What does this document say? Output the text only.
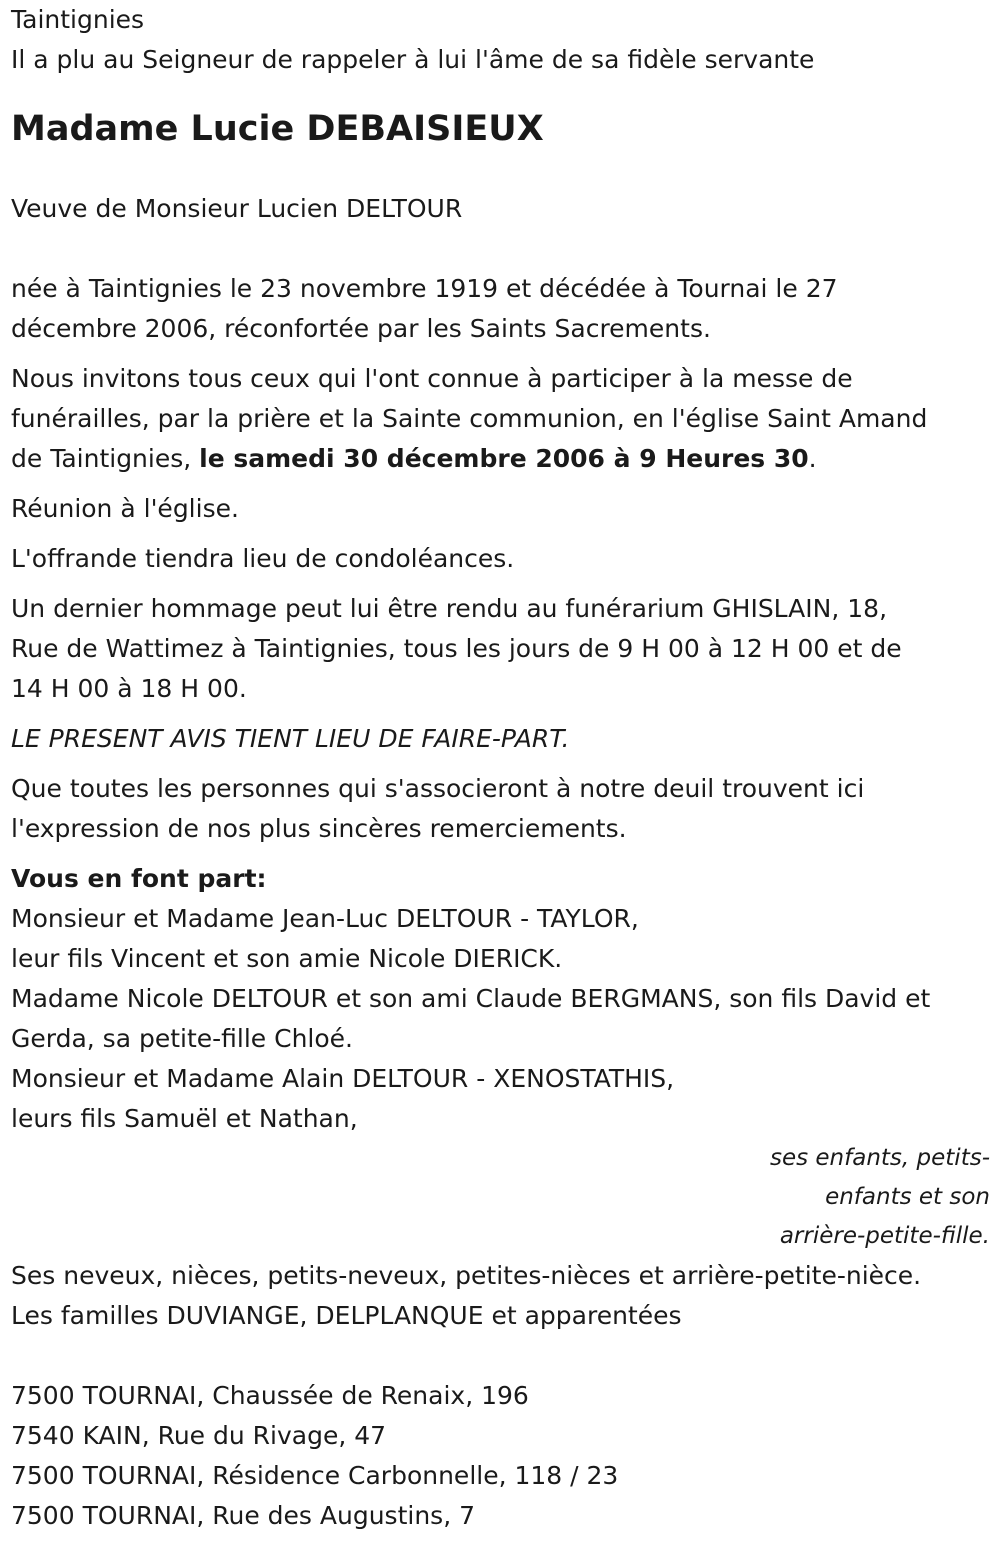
Taintignies
Il a plu au Seigneur de rappeler à lui l'âme de sa fidèle servante
Madame Lucie DEBAISIEUX
Veuve de Monsieur Lucien DELTOUR
née à Taintignies le 23 novembre 1919 et décédée à Tournai le 27
décembre 2006, réconfortée par les Saints Sacrements.
Nous invitons tous ceux qui l'ont connue à participer à la messe de
funérailles, par la prière et la Sainte communion, en l'église Saint Amand
de Taintignies, le samedi 30 décembre 2006 à 9 Heures 30.
Réunion à l'église.
L'offrande tiendra lieu de condoléances.
Un dernier hommage peut lui être rendu au funérarium GHISLAIN, 18,
Rue de Wattimez à Taintignies, tous les jours de 9 H 00 à 12 H 00 et de
14 H 00 à 18 H 00.
LE PRESENT AVIS TIENT LIEU DE FAIRE-PART.
Que toutes les personnes qui s'associeront à notre deuil trouvent ici
l'expression de nos plus sincères remerciements.
Vous en font part:
Monsieur et Madame Jean-Luc DELTOUR - TAYLOR,
leur fils Vincent et son amie Nicole DIERICK.
Madame Nicole DELTOUR et son ami Claude BERGMANS, son fils David et
Gerda, sa petite-fille Chloé.
Monsieur et Madame Alain DELTOUR - XENOSTATHIS,
leurs fils Samuël et Nathan,
ses enfants, petits-
enfants et son
arrière-petite-fille.
Ses neveux, nièces, petits-neveux, petites-nièces et arrière-petite-nièce.
Les familles DUVIANGE, DELPLANQUE et apparentées
7500 TOURNAI, Chaussée de Renaix, 196
7540 KAIN, Rue du Rivage, 47
7500 TOURNAI, Résidence Carbonnelle, 118 / 23
7500 TOURNAI, Rue des Augustins, 7
